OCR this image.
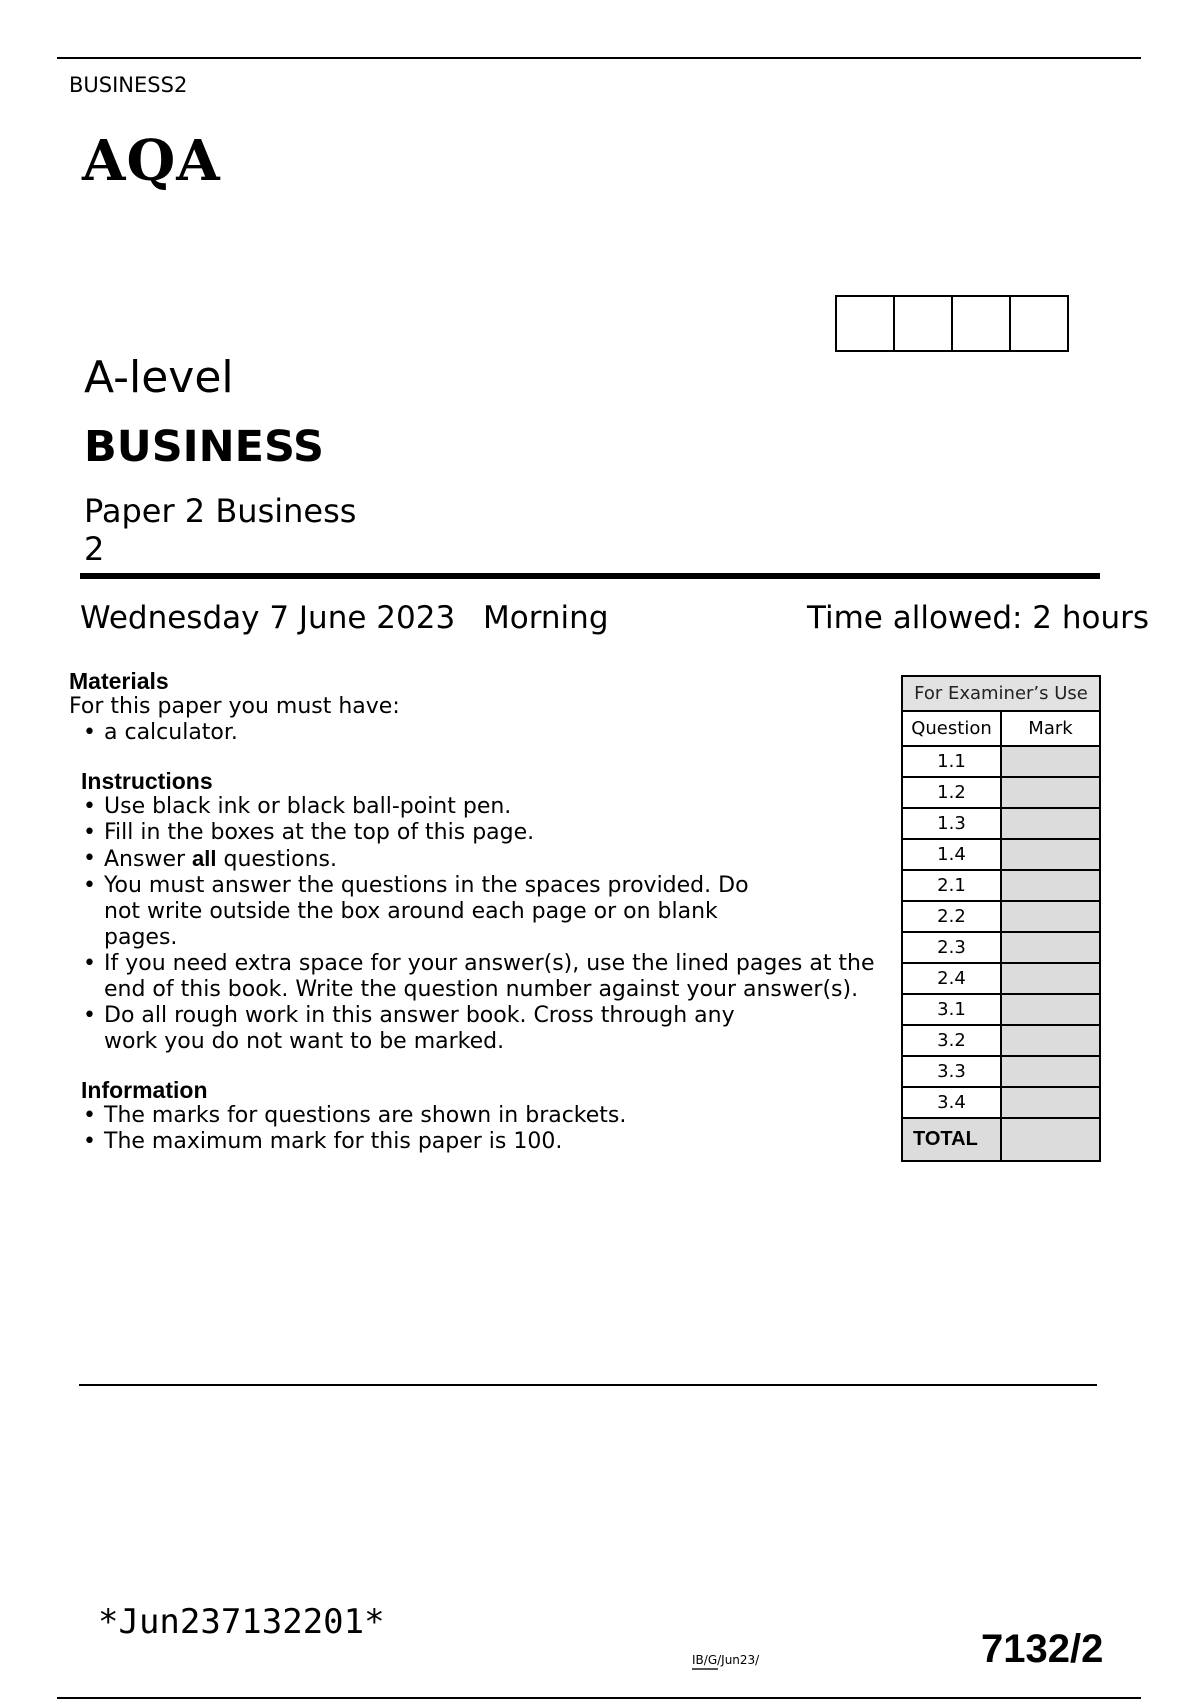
BUSINESS2
AQA
A-level
BUSINESS
Paper 2 Business 2
Wednesday 7 June 2023 Morning	Time allowed: 2 hours
Materials
For this paper you must have:
• a calculator.
Instructions
• Use black ink or black ball-point pen.
• Fill in the boxes at the top of this page.
• Answer all questions.
• You must answer the questions in the spaces provided. Do not write outside the box around each page or on blank pages.
• If you need extra space for your answer(s), use the lined pages at the end of this book. Write the question number against your answer(s).
• Do all rough work in this answer book. Cross through any work you do not want to be marked.
Information
• The marks for questions are shown in brackets.
• The maximum mark for this paper is 100.
For Examiner’s Use	
Question	Mark
1.1	
1.2	
1.3	
1.4	
2.1	
2.2	
2.3	
2.4	
3.1	
3.2	
3.3	
3.4	
TOTAL	
*Jun237132201*
IB/G/Jun23/	7132/2
